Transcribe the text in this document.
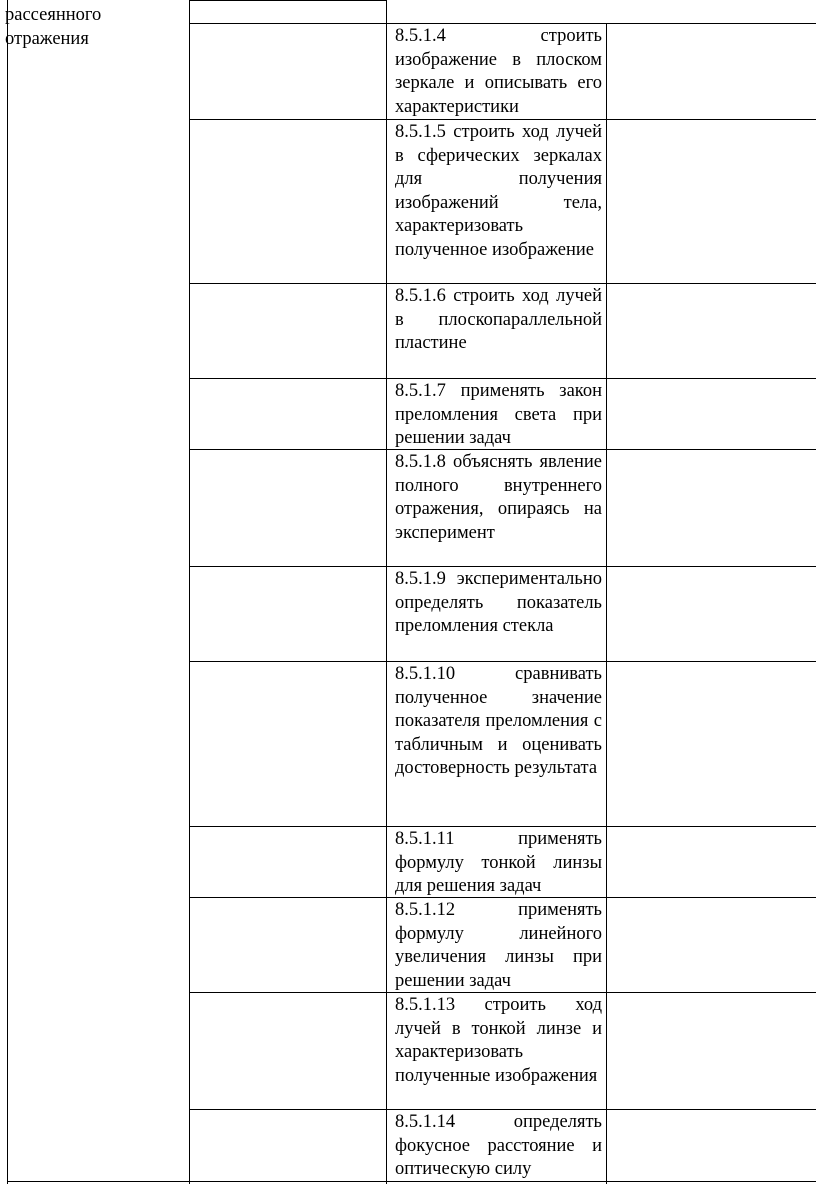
рассеянного отражения	8.5.1.4 строить изображение в плоском зеркале и описывать его характеристики
8.5.1.5 строить ход лучей в сферических зеркалах для получения изображений тела, характеризовать полученное изображение
8.5.1.6 строить ход лучей в плоскопараллельной пластине
8.5.1.7 применять закон преломления света при решении задач
8.5.1.8 объяснять явление полного внутреннего отражения, опираясь на эксперимент
8.5.1.9 экспериментально определять показатель преломления стекла
8.5.1.10 сравнивать полученное значение показателя преломления с табличным и оценивать достоверность результата
8.5.1.11 применять формулу тонкой линзы для решения задач
8.5.1.12 применять формулу линейного увеличения линзы при решении задач
8.5.1.13 строить ход лучей в тонкой линзе и характеризовать полученные изображения
8.5.1.14 определять фокусное расстояние и оптическую силу
